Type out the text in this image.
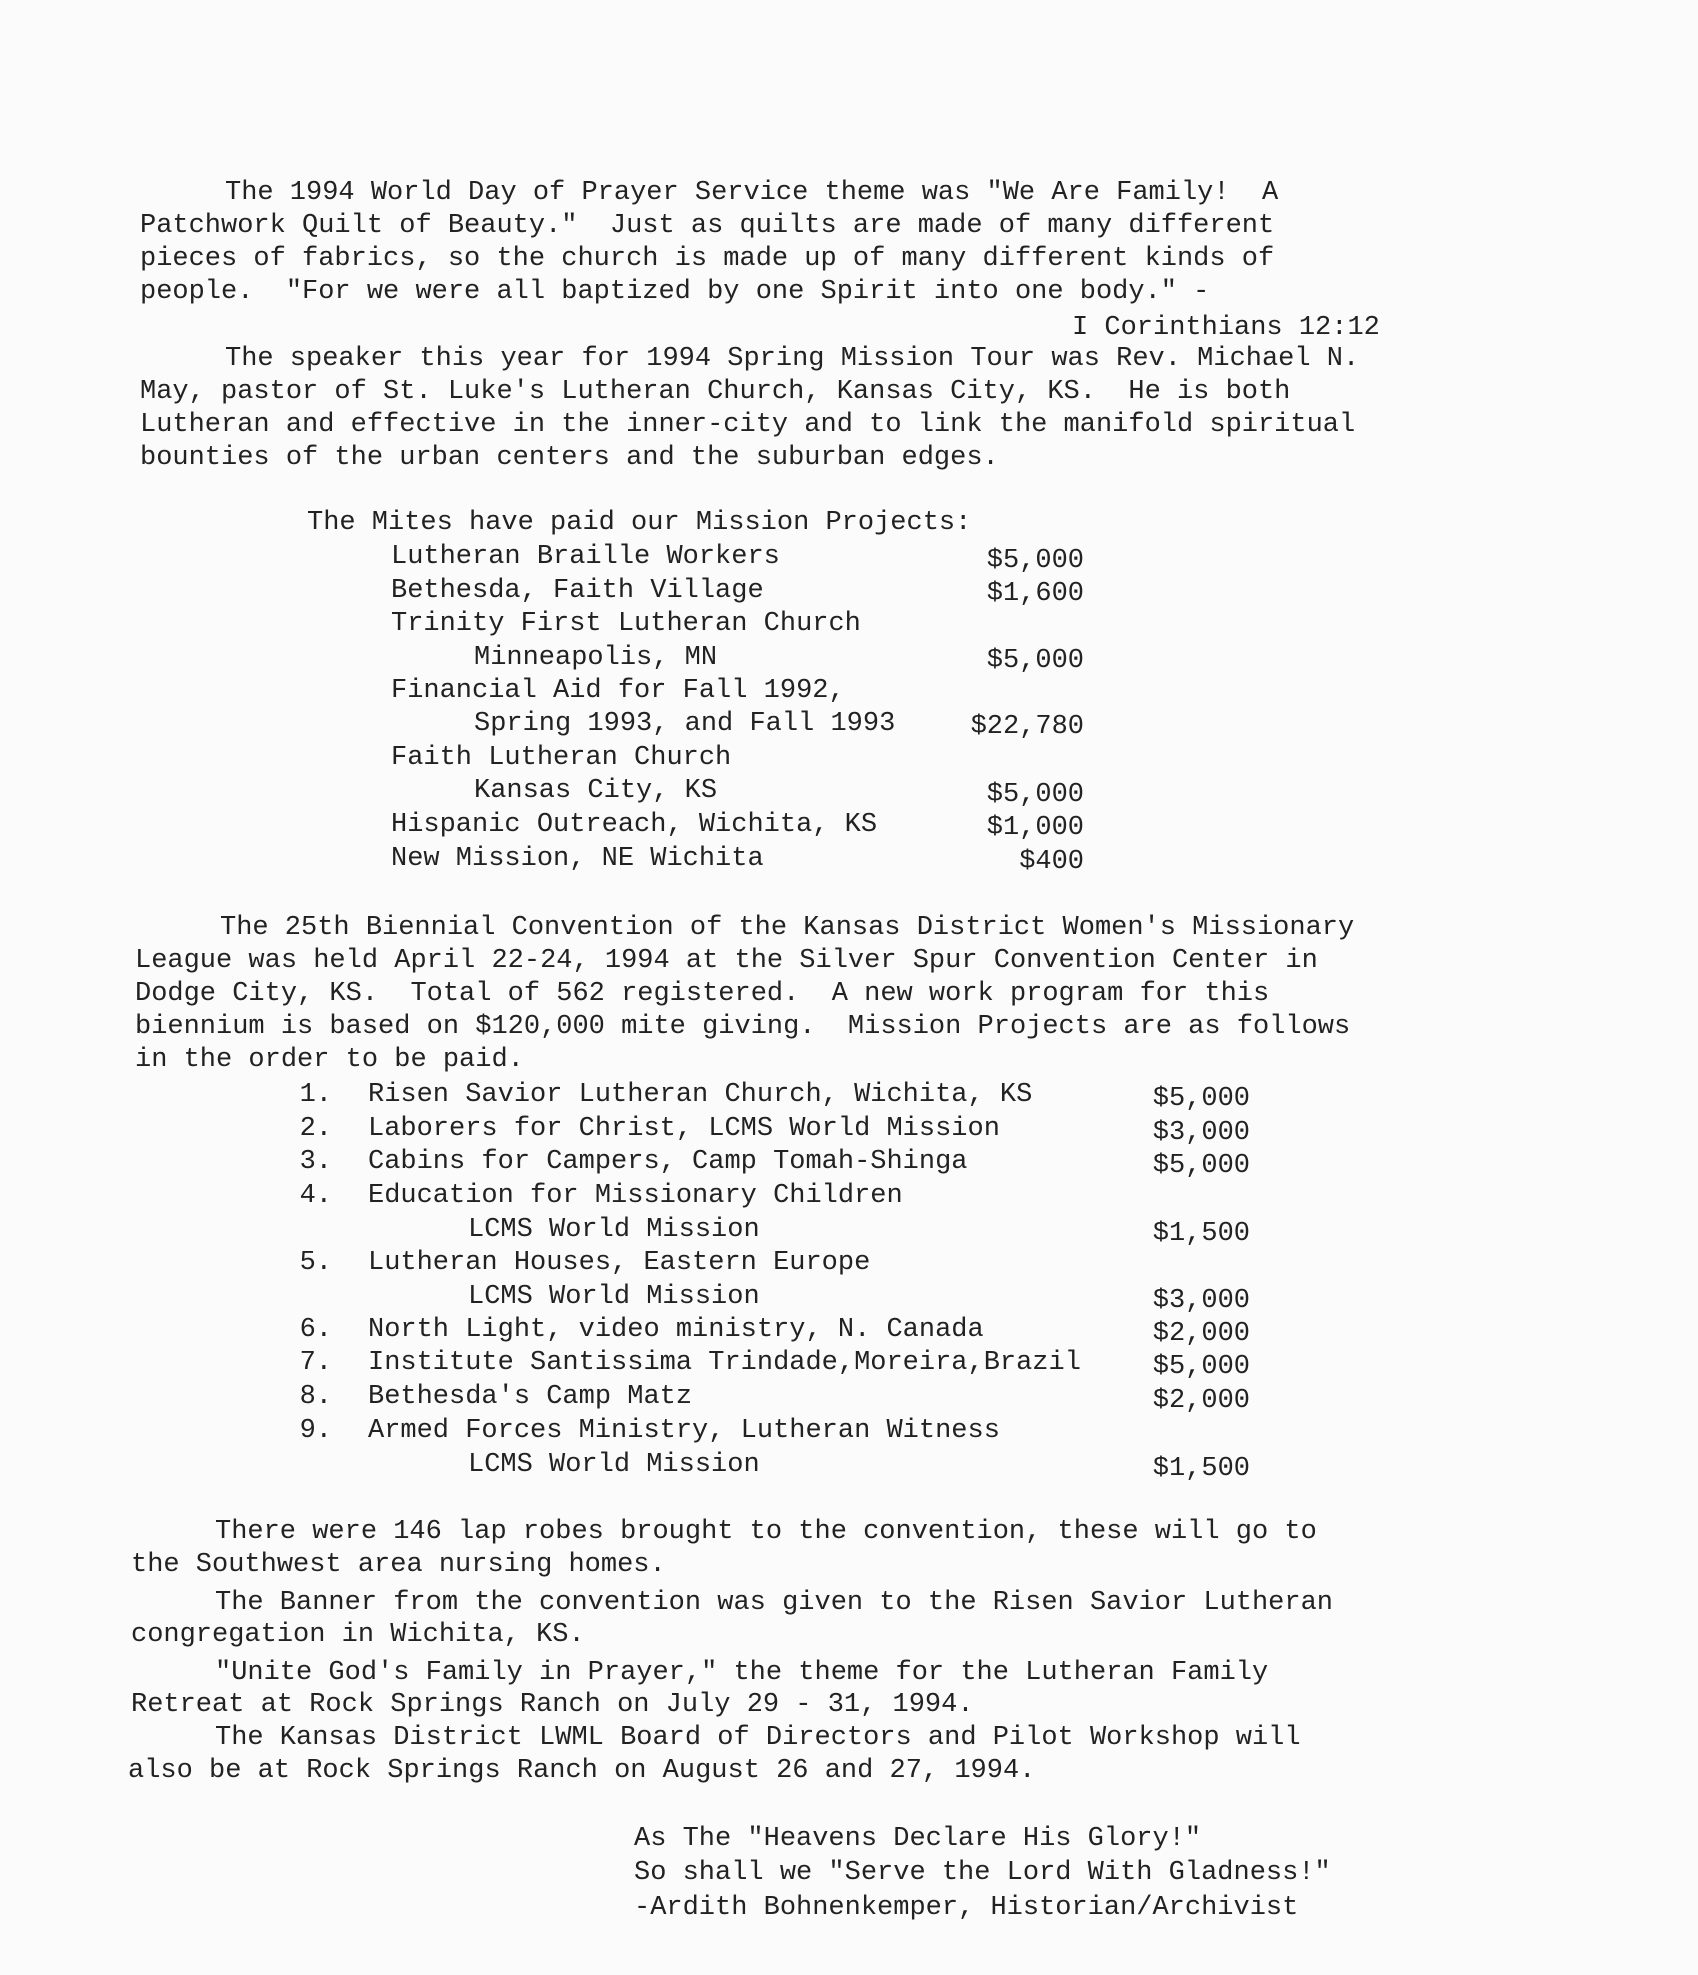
The 1994 World Day of Prayer Service theme was "We Are Family!  A
Patchwork Quilt of Beauty."  Just as quilts are made of many different
pieces of fabrics, so the church is made up of many different kinds of
people.  "For we were all baptized by one Spirit into one body." -
I Corinthians 12:12
The speaker this year for 1994 Spring Mission Tour was Rev. Michael N.
May, pastor of St. Luke's Lutheran Church, Kansas City, KS.  He is both
Lutheran and effective in the inner-city and to link the manifold spiritual
bounties of the urban centers and the suburban edges.
The Mites have paid our Mission Projects:
Lutheran Braille Workers	$5,000
Bethesda, Faith Village	$1,600
Trinity First Lutheran Church
Minneapolis, MN	$5,000
Financial Aid for Fall 1992,
Spring 1993, and Fall 1993	$22,780
Faith Lutheran Church
Kansas City, KS	$5,000
Hispanic Outreach, Wichita, KS	$1,000
New Mission, NE Wichita	$400
The 25th Biennial Convention of the Kansas District Women's Missionary
League was held April 22-24, 1994 at the Silver Spur Convention Center in
Dodge City, KS.  Total of 562 registered.  A new work program for this
biennium is based on $120,000 mite giving.  Mission Projects are as follows
in the order to be paid.
1. Risen Savior Lutheran Church, Wichita, KS	$5,000
2. Laborers for Christ, LCMS World Mission	$3,000
3. Cabins for Campers, Camp Tomah-Shinga	$5,000
4. Education for Missionary Children
LCMS World Mission	$1,500
5. Lutheran Houses, Eastern Europe
LCMS World Mission	$3,000
6. North Light, video ministry, N. Canada	$2,000
7. Institute Santissima Trindade,Moreira,Brazil	$5,000
8. Bethesda's Camp Matz	$2,000
9. Armed Forces Ministry, Lutheran Witness
LCMS World Mission	$1,500
There were 146 lap robes brought to the convention, these will go to
the Southwest area nursing homes.
The Banner from the convention was given to the Risen Savior Lutheran
congregation in Wichita, KS.
"Unite God's Family in Prayer," the theme for the Lutheran Family
Retreat at Rock Springs Ranch on July 29 - 31, 1994.
The Kansas District LWML Board of Directors and Pilot Workshop will
also be at Rock Springs Ranch on August 26 and 27, 1994.
As The "Heavens Declare His Glory!"
So shall we "Serve the Lord With Gladness!"
-Ardith Bohnenkemper, Historian/Archivist
